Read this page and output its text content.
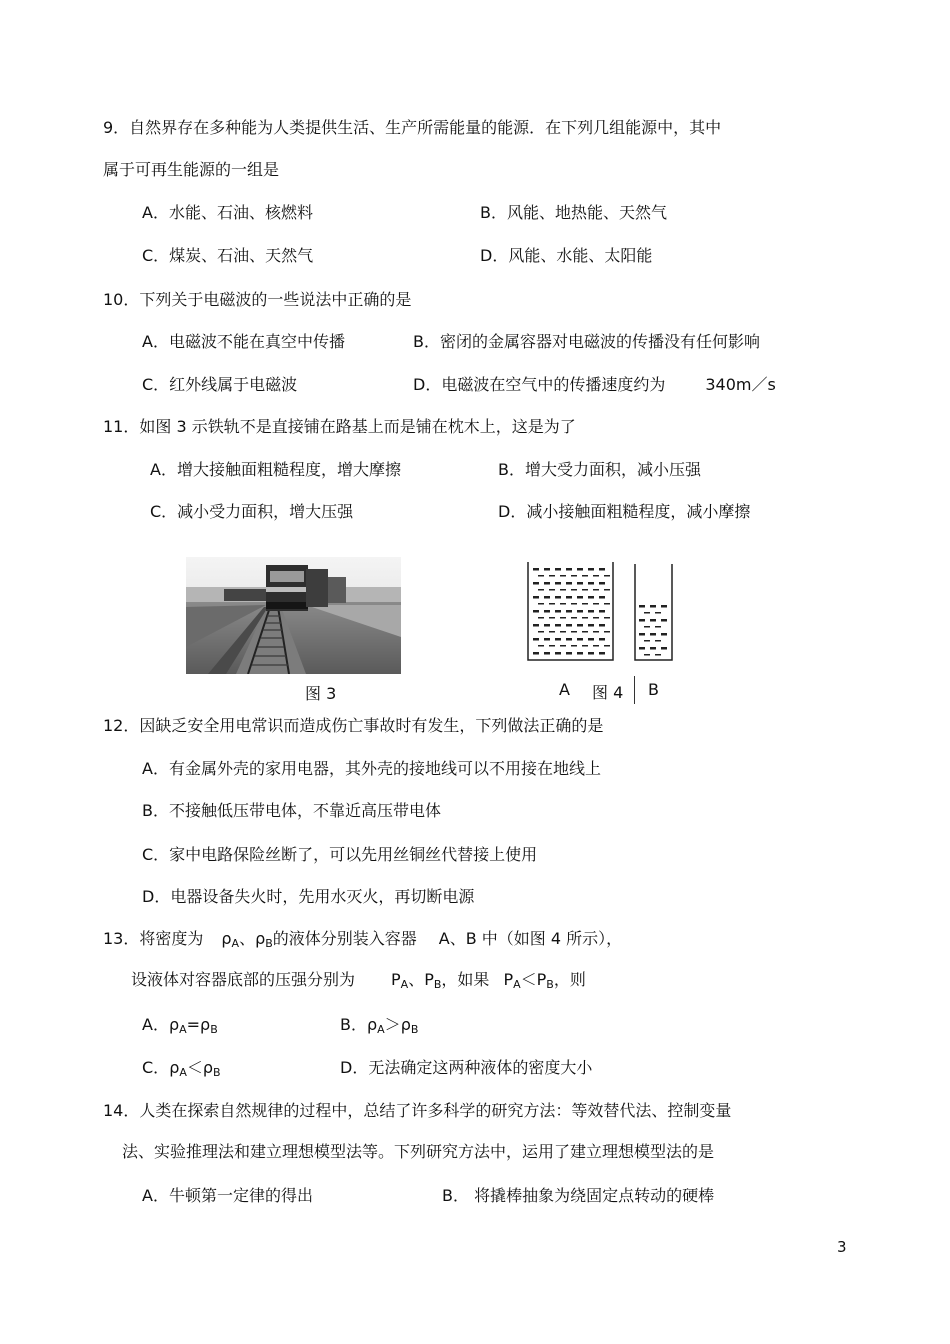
9．自然界存在多种能为人类提供生活、生产所需能量的能源．在下列几组能源中，其中
属于可再生能源的一组是
A．水能、石油、核燃料	B．风能、地热能、天然气
C．煤炭、石油、天然气	D．风能、水能、太阳能
10．下列关于电磁波的一些说法中正确的是
A．电磁波不能在真空中传播	B．密闭的金属容器对电磁波的传播没有任何影响
C．红外线属于电磁波	D．电磁波在空气中的传播速度约为	340m／s
11．如图 3 示铁轨不是直接铺在路基上而是铺在枕木上，这是为了
A．增大接触面粗糙程度，增大摩擦	B．增大受力面积，减小压强
C．减小受力面积，增大压强	D．减小接触面粗糙程度，减小摩擦
图 3	A 图 4 B
12．因缺乏安全用电常识而造成伤亡事故时有发生，下列做法正确的是
A．有金属外壳的家用电器，其外壳的接地线可以不用接在地线上
B．不接触低压带电体，不靠近高压带电体
C．家中电路保险丝断了，可以先用丝铜丝代替接上使用
D．电器设备失火时，先用水灭火，再切断电源
13．将密度为 $\rho_A$、$\rho_B$的液体分别装入容器 A、B 中（如图 4 所示），
设液体对容器底部的压强分别为 $P_A$、$P_B$，如果 $P_A<P_B$，则
A．$\rho_A=\rho_B$	B．$\rho_A>\rho_B$
C．$\rho_A<\rho_B$	D．无法确定这两种液体的密度大小
14．人类在探索自然规律的过程中，总结了许多科学的研究方法：等效替代法、控制变量
法、实验推理法和建立理想模型法等。下列研究方法中，运用了建立理想模型法的是
A．牛顿第一定律的得出	B． 将撬棒抽象为绕固定点转动的硬棒
3
